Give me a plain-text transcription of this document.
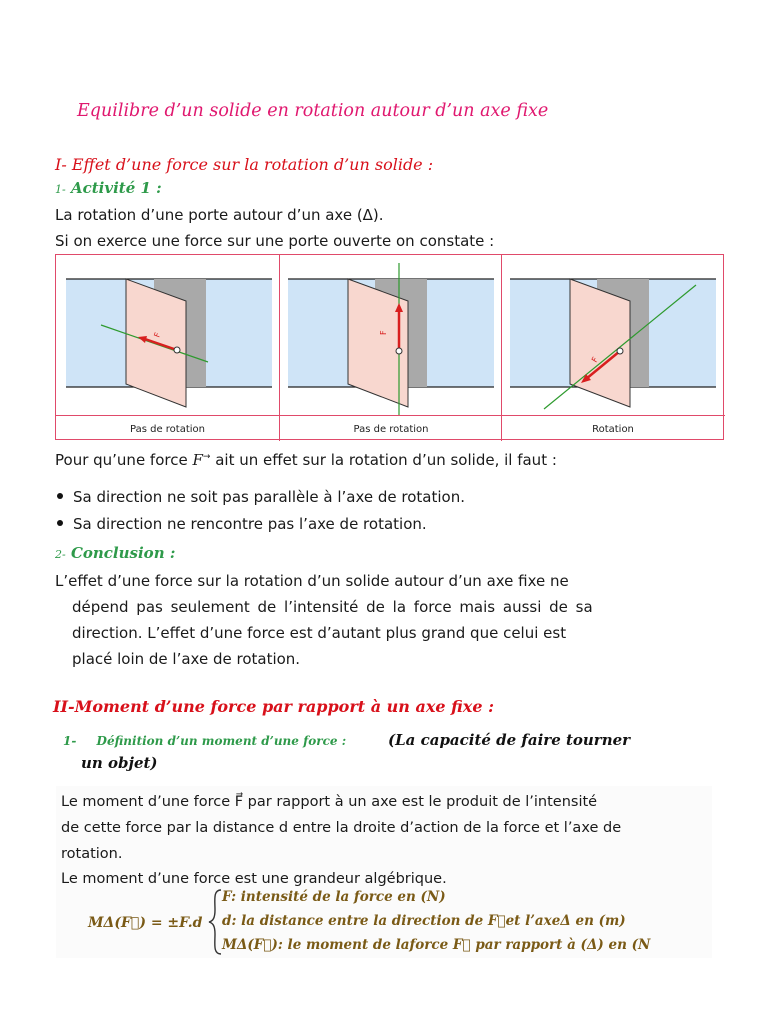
Equilibre d’un solide en rotation autour d’un axe fixe
I- Effet d’une force sur la rotation d’un solide :
1- Activité 1 :
La rotation d’une porte autour d’un axe (Δ).
Si on exerce une force sur une porte ouverte on constate :
F
Pas de rotation
F
Pas de rotation
F
Rotation
Pour qu’une force F→ ait un effet sur la rotation d’un solide, il faut :
Sa direction ne soit pas parallèle à l’axe de rotation.
Sa direction ne rencontre pas l’axe de rotation.
2- Conclusion :
L’effet d’une force sur la rotation d’un solide autour d’un axe fixe ne
dépend pas seulement de l’intensité de la force mais aussi de sa
direction. L’effet d’une force est d’autant plus grand que celui est
placé loin de l’axe de rotation.
II-Moment d’une force par rapport à un axe fixe :
1- Définition d’un moment d’une force :	(La capacité de faire tourner
un objet)
Le moment d’une force F⃗ par rapport à un axe est le produit de l’intensité
de cette force par la distance d entre la droite d’action de la force et l’axe de
rotation.
Le moment d’une force est une grandeur algébrique.
MΔ(F⃗) = ±F.d
F: intensité de la force en (N)
d: la distance entre la direction de F⃗et l’axeΔ en (m)
MΔ(F⃗): le moment de laforce F⃗ par rapport à (Δ) en (N
